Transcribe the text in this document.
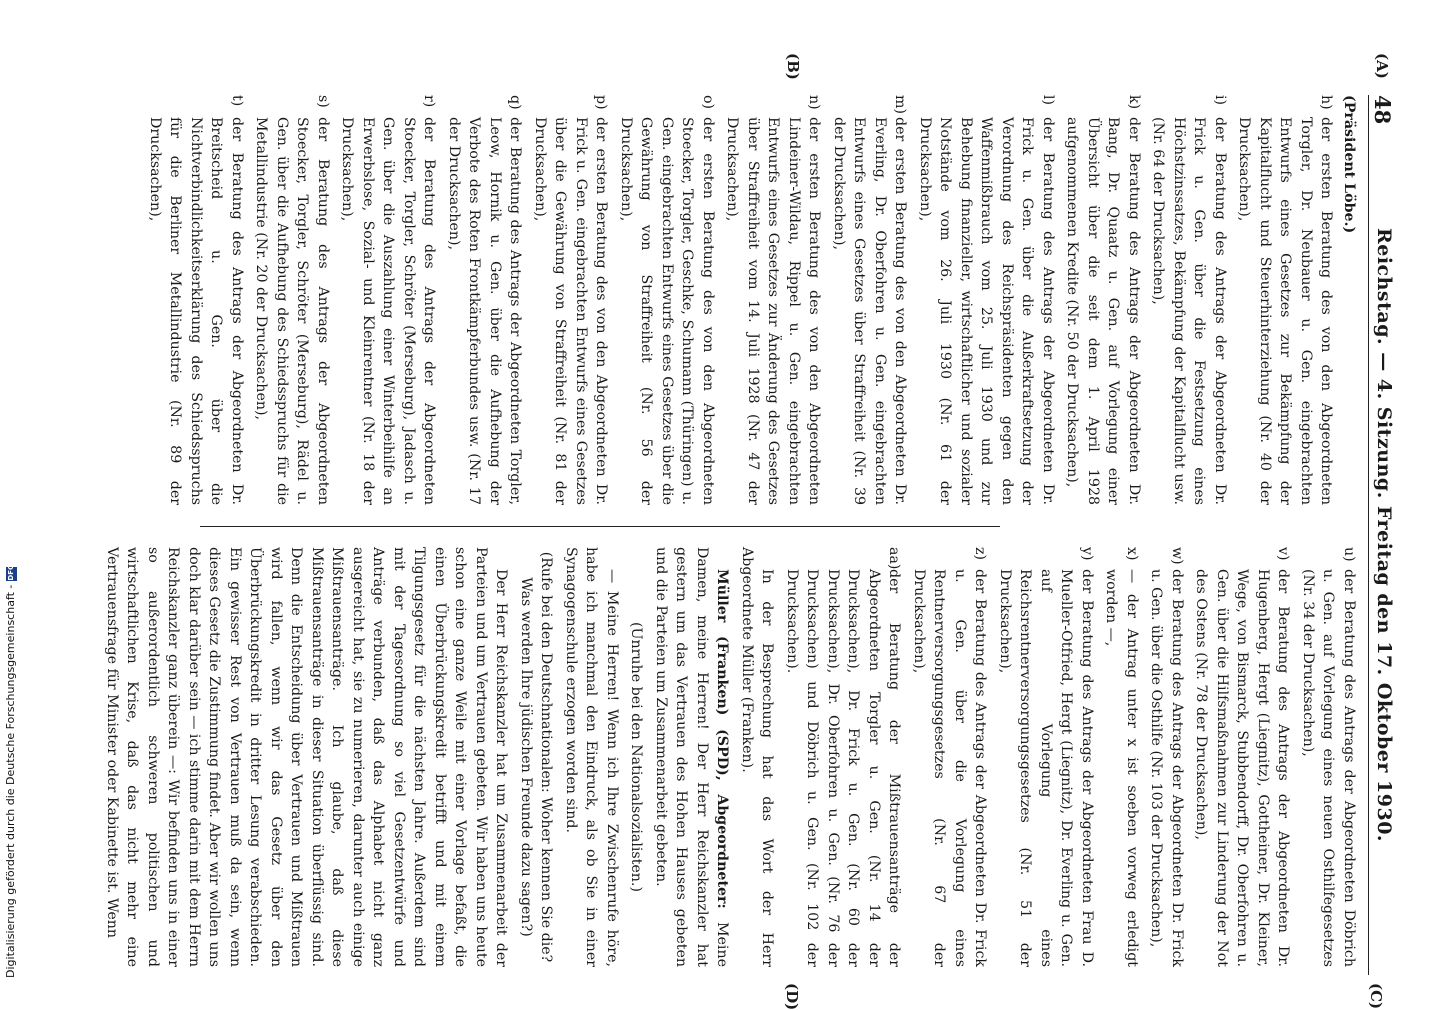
48
Reichstag. — 4. Sitzung. Freitag den 17. Oktober 1930.
(A)
(B)
(C)
(D)
(Präsident Löbe.)
h)der ersten Beratung des von den Abgeordneten Torgler, Dr. Neubauer u. Gen. eingebrachten Entwurfs eines Gesetzes zur Bekämpfung der Kapitalflucht und Steuerhinterziehung (Nr. 40 der Drucksachen),
i)der Beratung des Antrags der Abgeordneten Dr. Frick u. Gen. über die Festsetzung eines Höchstzinssatzes, Bekämpfung der Kapitalflucht usw. (Nr. 64 der Drucksachen),
k)der Beratung des Antrags der Abgeordneten Dr. Bang, Dr. Quaatz u. Gen. auf Vorlegung einer Übersicht über die seit dem 1. April 1928 aufgenommenen Kredite (Nr. 50 der Drucksachen),
l)der Beratung des Antrags der Abgeordneten Dr. Frick u. Gen. über die Außerkraftsetzung der Verordnung des Reichspräsidenten gegen den Waffenmißbrauch vom 25. Juli 1930 und zur Behebung finanzieller, wirtschaftlicher und sozialer Notstände vom 26. Juli 1930 (Nr. 61 der Drucksachen),
m)der ersten Beratung des von den Abgeordneten Dr. Everling, Dr. Oberfohren u. Gen. eingebrachten Entwurfs eines Gesetzes über Straffreiheit (Nr. 39 der Drucksachen),
n)der ersten Beratung des von den Abgeordneten Lindeiner-Wildau, Rippel u. Gen. eingebrachten Entwurfs eines Gesetzes zur Änderung des Gesetzes über Straffreiheit vom 14. Juli 1928 (Nr. 47 der Drucksachen),
o)der ersten Beratung des von den Abgeordneten Stoecker, Torgler, Geschke, Schumann (Thüringen) u. Gen. eingebrachten Entwurfs eines Gesetzes über die Gewährung von Straffreiheit (Nr. 56 der Drucksachen),
p)der ersten Beratung des von den Abgeordneten Dr. Frick u. Gen. eingebrachten Entwurfs eines Gesetzes über die Gewährung von Straffreiheit (Nr. 81 der Drucksachen),
q)der Beratung des Antrags der Abgeordneten Torgler, Leow, Hornik u. Gen. über die Aufhebung der Verbote des Roten Frontkämpferbundes usw. (Nr. 17 der Drucksachen),
r)der Beratung des Antrags der Abgeordneten Stoecker, Torgler, Schröter (Merseburg), Jadasch u. Gen. über die Auszahlung einer Winterbeihilfe an Erwerbslose, Sozial- und Kleinrentner (Nr. 18 der Drucksachen),
s)der Beratung des Antrags der Abgeordneten Stoecker, Torgler, Schröter (Merseburg), Rädel u. Gen. über die Aufhebung des Schiedsspruchs für die Metallindustrie (Nr. 20 der Drucksachen),
t)der Beratung des Antrags der Abgeordneten Dr. Breitscheid u. Gen. über die Nichtverbindlichkeitserklärung des Schiedsspruchs für die Berliner Metallindustrie (Nr. 89 der Drucksachen),
u)der Beratung des Antrags der Abgeordneten Döbrich u. Gen. auf Vorlegung eines neuen Osthilfegesetzes (Nr. 34 der Drucksachen),
v)der Beratung des Antrags der Abgeordneten Dr. Hugenberg, Hergt (Liegnitz), Gottheiner, Dr. Kleiner, Wege, von Bismarck, Stubbendorff, Dr. Oberfohren u. Gen. über die Hilfsmaßnahmen zur Linderung der Not des Ostens (Nr. 78 der Drucksachen),
w)der Beratung des Antrags der Abgeordneten Dr. Frick u. Gen. über die Osthilfe (Nr. 103 der Drucksachen),
x)— der Antrag unter x ist soeben vorweg erledigt worden —,
y)der Beratung des Antrags der Abgeordneten Frau D. Mueller-Otfried, Hergt (Liegnitz), Dr. Everling u. Gen. auf Vorlegung eines Reichsrentnerversorgungsgesetzes (Nr. 51 der Drucksachen),
z)der Beratung des Antrags der Abgeordneten Dr. Frick u. Gen. über die Vorlegung eines Rentnerversorgungsgesetzes (Nr. 67 der Drucksachen),
aa)der Beratung der Mißtrauensanträge der Abgeordneten Torgler u. Gen. (Nr. 14 der Drucksachen), Dr. Frick u. Gen. (Nr. 60 der Drucksachen), Dr. Oberfohren u. Gen. (Nr. 76 der Drucksachen) und Döbrich u. Gen. (Nr. 102 der Drucksachen).

In der Besprechung hat das Wort der Herr Abgeordnete Müller (Franken).

Müller (Franken) (SPD), Abgeordneter: Meine Damen, meine Herren! Der Herr Reichskanzler hat gestern um das Vertrauen des Hohen Hauses gebeten und die Parteien um Zusammenarbeit gebeten.

(Unruhe bei den Nationalsozialisten.)

— Meine Herren! Wenn ich Ihre Zwischenrufe höre, habe ich manchmal den Eindruck, als ob Sie in einer Synagogenschule erzogen worden sind.

(Rufe bei den Deutschnationalen: Woher kennen Sie die? Was werden Ihre jüdischen Freunde dazu sagen?)

Der Herr Reichskanzler hat um Zusammenarbeit der Parteien und um Vertrauen gebeten. Wir haben uns heute schon eine ganze Weile mit einer Vorlage befaßt, die einen Überbrückungskredit betrifft und mit einem Tilgungsgesetz für die nächsten Jahre. Außerdem sind mit der Tagesordnung so viel Gesetzentwürfe und Anträge verbunden, daß das Alphabet nicht ganz ausgereicht hat, sie zu numerieren, darunter auch einige Mißtrauensanträge. Ich glaube, daß diese Mißtrauensanträge in dieser Situation überflüssig sind. Denn die Entscheidung über Vertrauen und Mißtrauen wird fallen, wenn wir das Gesetz über den Überbrückungskredit in dritter Lesung verabschieden. Ein gewisser Rest von Vertrauen muß da sein, wenn dieses Gesetz die Zustimmung findet. Aber wir wollen uns doch klar darüber sein — ich stimme darin mit dem Herrn Reichskanzler ganz überein —: Wir befinden uns in einer so außerordentlich schweren politischen und wirtschaftlichen Krise, daß das nicht mehr eine Vertrauensfrage für Minister oder Kabinette ist. Wenn

Digitalisierung gefördert durch die Deutsche Forschungsgemeinschaft -DFG
